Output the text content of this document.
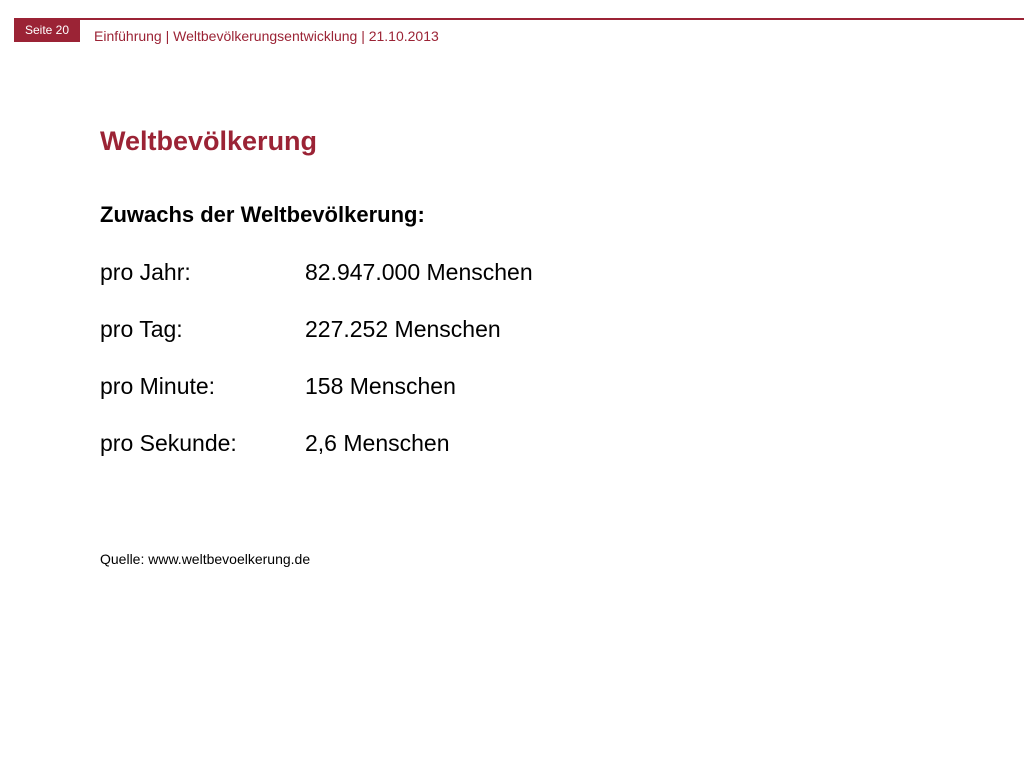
Seite 20	Einführung | Weltbevölkerungsentwicklung | 21.10.2013
Weltbevölkerung
Zuwachs der Weltbevölkerung:
pro Jahr:	82.947.000 Menschen
pro Tag:	227.252 Menschen
pro Minute:	158 Menschen
pro Sekunde:	2,6 Menschen
Quelle: www.weltbevoelkerung.de
